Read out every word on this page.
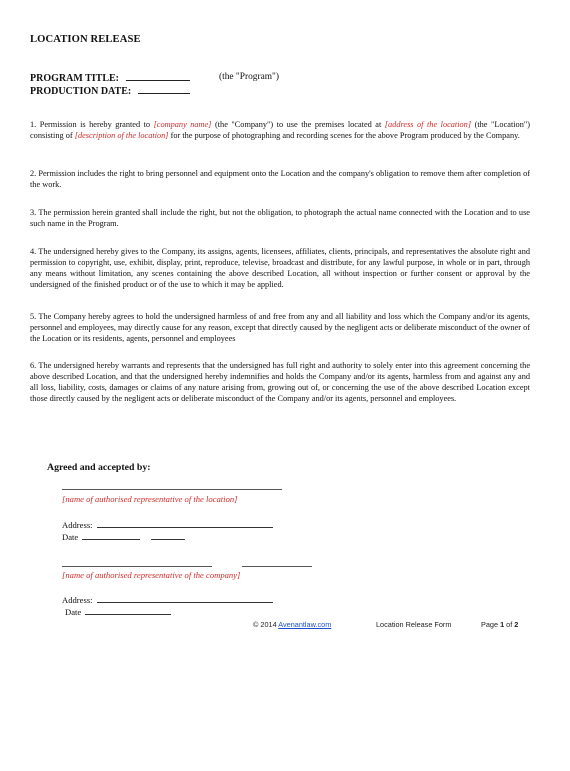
LOCATION RELEASE
PROGRAM TITLE:	(the "Program")
PRODUCTION DATE:
1. Permission is hereby granted to [company name] (the "Company") to use the premises located at [address of the location] (the "Location") consisting of [description of the location] for the purpose of photographing and recording scenes for the above Program produced by the Company.
2. Permission includes the right to bring personnel and equipment onto the Location and the company's obligation to remove them after completion of the work.
3. The permission herein granted shall include the right, but not the obligation, to photograph the actual name connected with the Location and to use such name in the Program.
4. The undersigned hereby gives to the Company, its assigns, agents, licensees, affiliates, clients, principals, and representatives the absolute right and permission to copyright, use, exhibit, display, print, reproduce, televise, broadcast and distribute, for any lawful purpose, in whole or in part, through any means without limitation, any scenes containing the above described Location, all without inspection or further consent or approval by the undersigned of the finished product or of the use to which it may be applied.
5. The Company hereby agrees to hold the undersigned harmless of and free from any and all liability and loss which the Company and/or its agents, personnel and employees, may directly cause for any reason, except that directly caused by the negligent acts or deliberate misconduct of the owner of the Location or its residents, agents, personnel and employees
6. The undersigned hereby warrants and represents that the undersigned has full right and authority to solely enter into this agreement concerning the above described Location, and that the undersigned hereby indemnifies and holds the Company and/or its agents, harmless from and against any and all loss, liability, costs, damages or claims of any nature arising from, growing out of, or concerning the use of the above described Location except those directly caused by the negligent acts or deliberate misconduct of the Company and/or its agents, personnel and employees.
Agreed and accepted by:
[name of authorised representative of the location]
Address:
Date
[name of authorised representative of the company]
Address:
Date
© 2014 Avenantlaw.com	Location Release Form	Page 1 of 2
